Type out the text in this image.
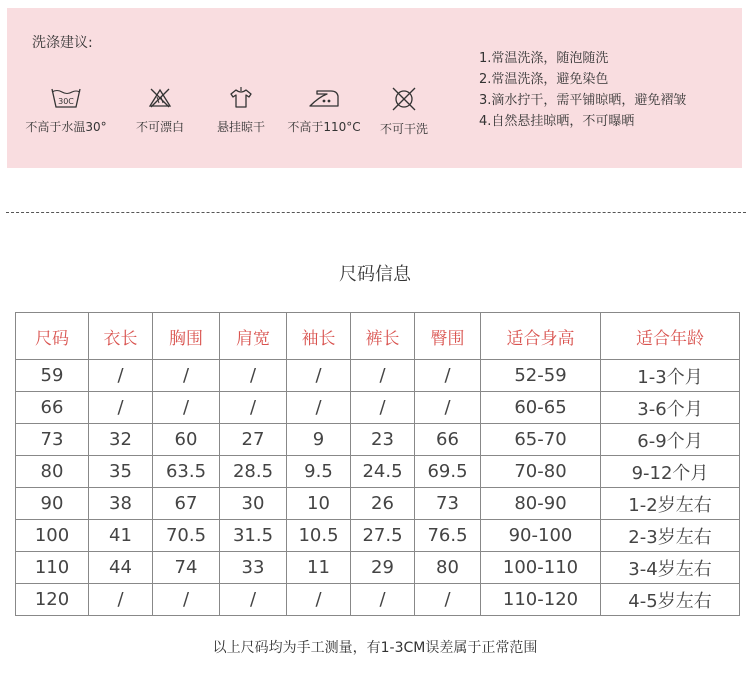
洗涤建议:
30C
不高于水温30°	不可漂白	悬挂晾干	不高于110°C	不可干洗
1.常温洗涤，随泡随洗
2.常温洗涤，避免染色
3.滴水拧干，需平铺晾晒，避免褶皱
4.自然悬挂晾晒，不可曝晒
尺码信息
尺码	衣长	胸围	肩宽	袖长	裤长	臀围	适合身高	适合年龄
59	/	/	/	/	/	/	52-59	1-3个月
66	/	/	/	/	/	/	60-65	3-6个月
73	32	60	27	9	23	66	65-70	6-9个月
80	35	63.5	28.5	9.5	24.5	69.5	70-80	9-12个月
90	38	67	30	10	26	73	80-90	1-2岁左右
100	41	70.5	31.5	10.5	27.5	76.5	90-100	2-3岁左右
110	44	74	33	11	29	80	100-110	3-4岁左右
120	/	/	/	/	/	/	110-120	4-5岁左右
以上尺码均为手工测量，有1-3CM误差属于正常范围
